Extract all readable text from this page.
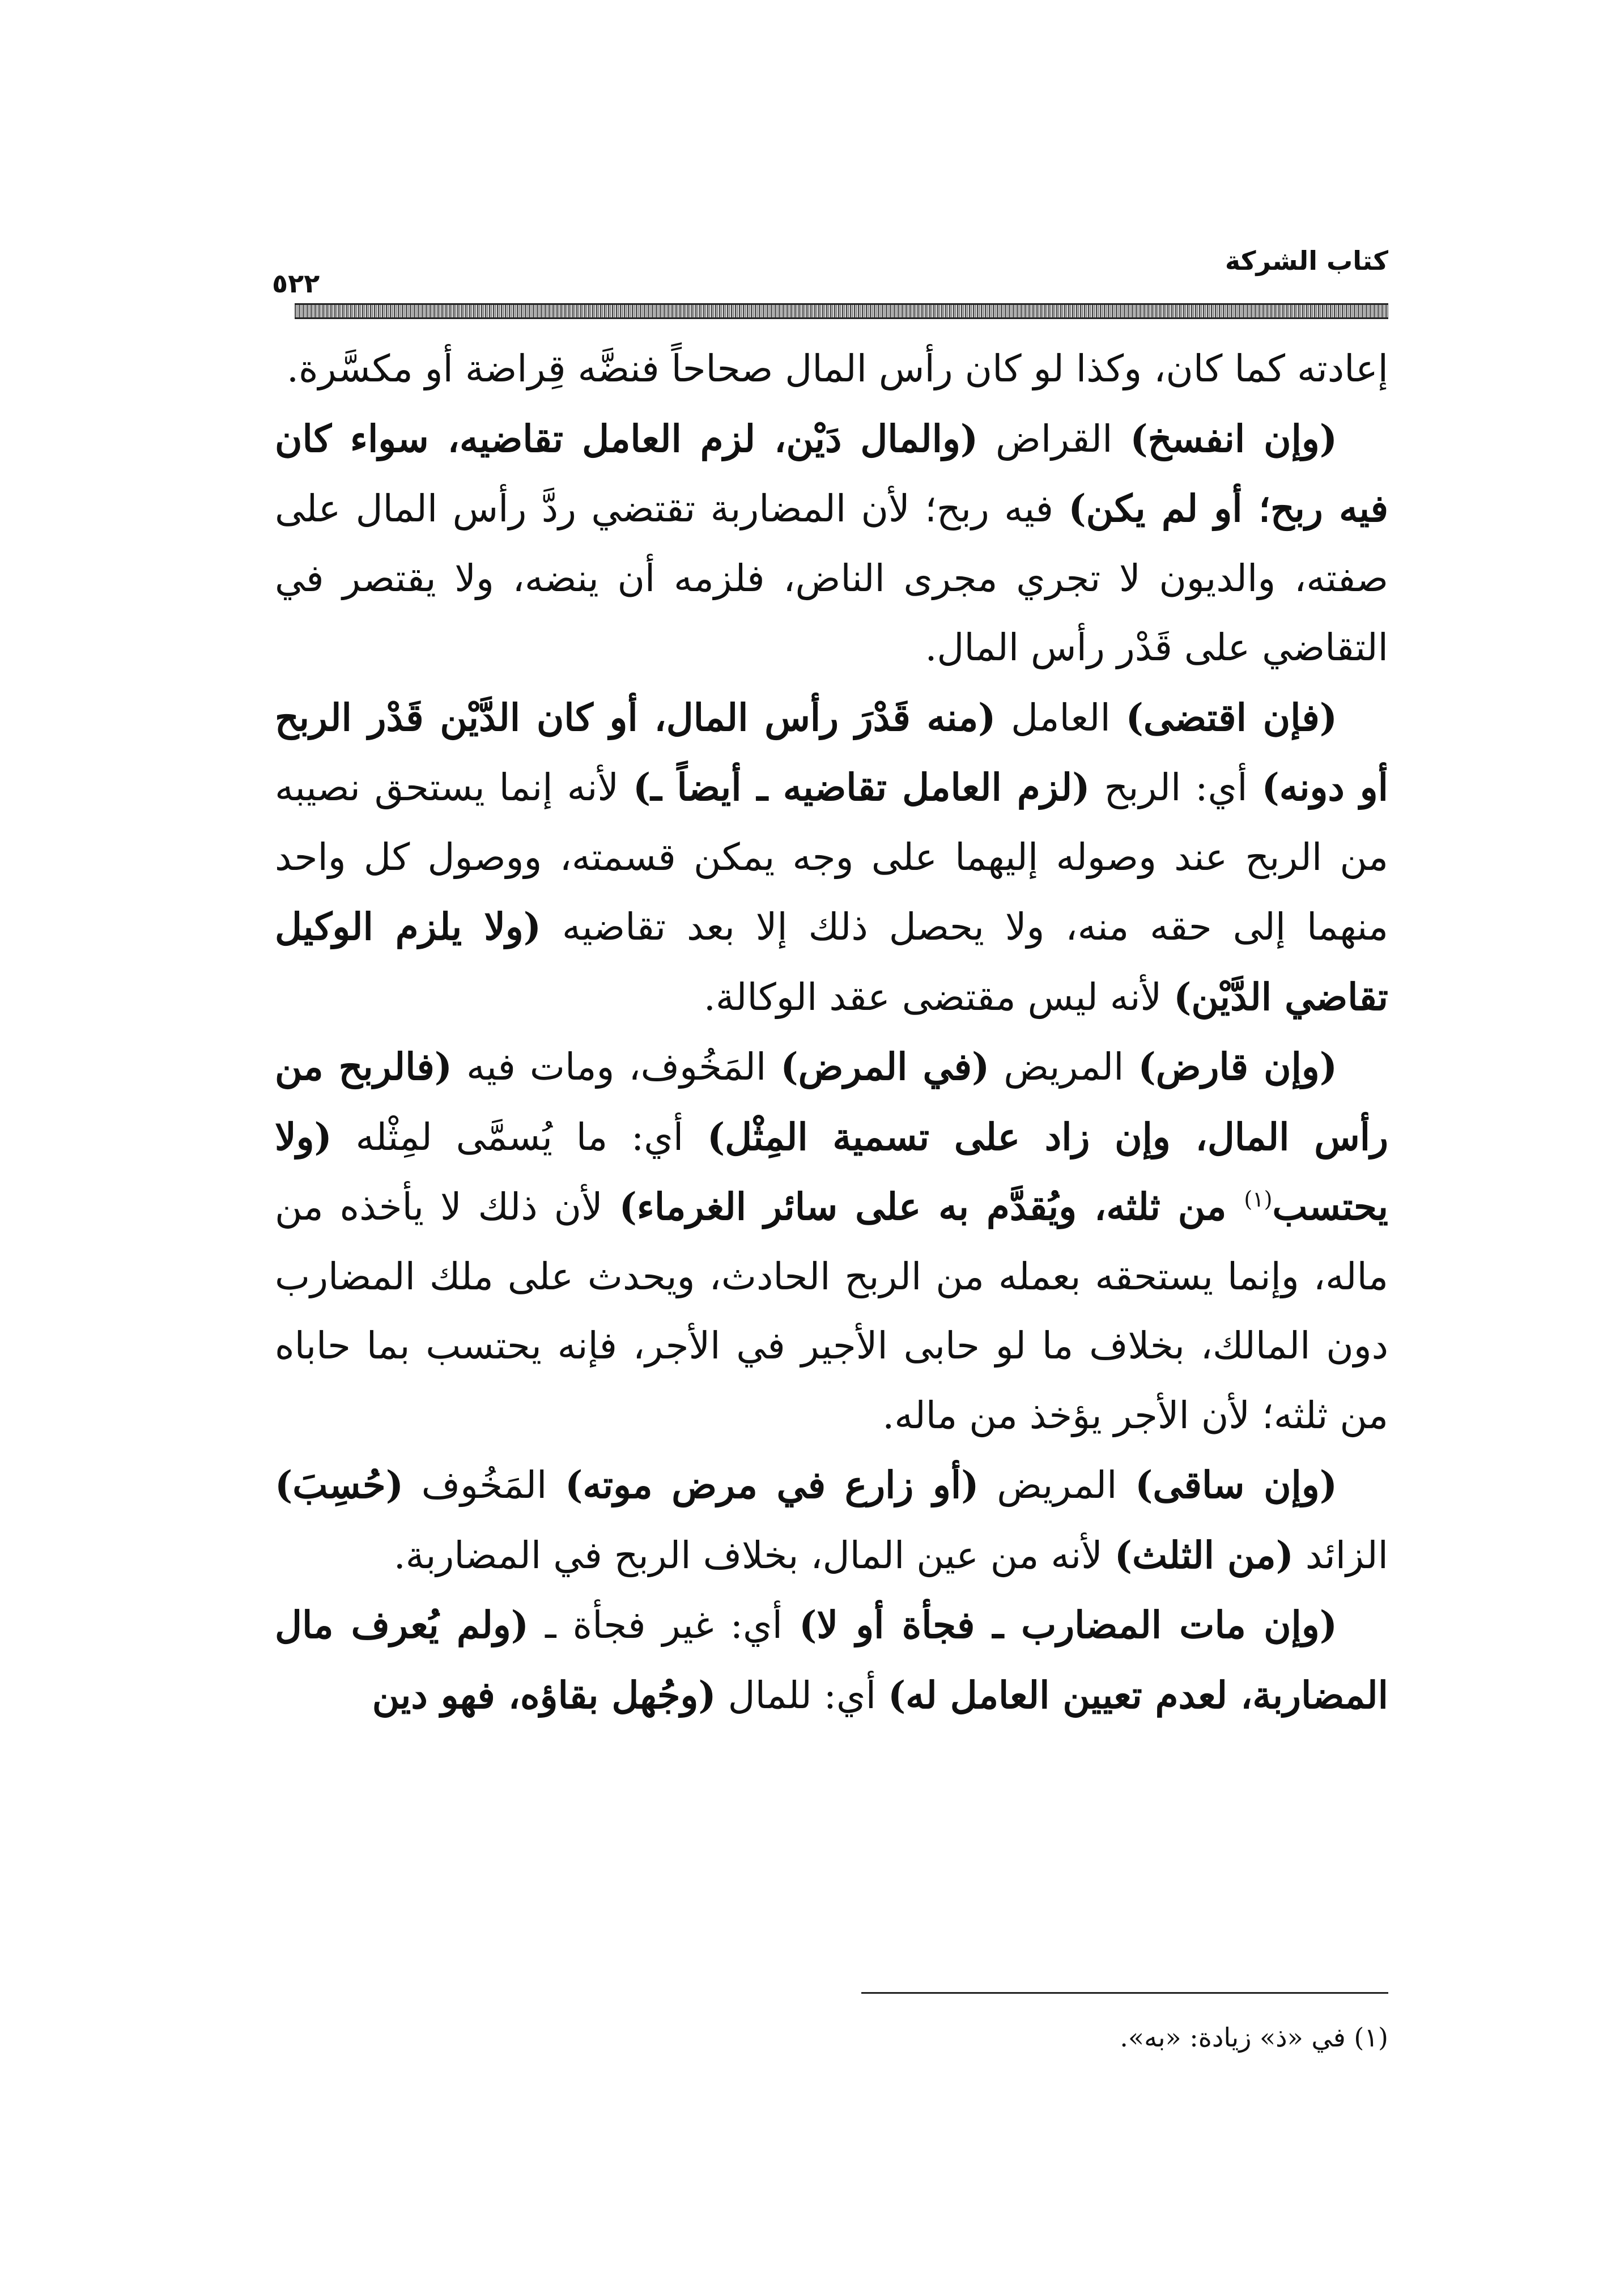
كتاب الشركة
٥٢٢

إعادته كما كان، وكذا لو كان رأس المال صحاحاً فنضَّه قِراضة أو مكسَّرة.

(وإن انفسخ) القراض (والمال دَيْن، لزم العامل تقاضيه، سواء كان فيه ربح؛ أو لم يكن) فيه ربح؛ لأن المضاربة تقتضي ردَّ رأس المال على صفته، والديون لا تجري مجرى الناض، فلزمه أن ينضه، ولا يقتصر في التقاضي على قَدْر رأس المال.

(فإن اقتضى) العامل (منه قَدْرَ رأس المال، أو كان الدَّيْن قَدْر الربح أو دونه) أي: الربح (لزم العامل تقاضيه ـ أيضاً ـ) لأنه إنما يستحق نصيبه من الربح عند وصوله إليهما على وجه يمكن قسمته، ووصول كل واحد منهما إلى حقه منه، ولا يحصل ذلك إلا بعد تقاضيه (ولا يلزم الوكيل تقاضي الدَّيْن) لأنه ليس مقتضى عقد الوكالة.

(وإن قارض) المريض (في المرض) المَخُوف، ومات فيه (فالربح من رأس المال، وإن زاد على تسمية المِثْل) أي: ما يُسمَّى لمِثْله (ولا يحتسب$^{(١)}$ من ثلثه، ويُقدَّم به على سائر الغرماء) لأن ذلك لا يأخذه من ماله، وإنما يستحقه بعمله من الربح الحادث، ويحدث على ملك المضارب دون المالك، بخلاف ما لو حابى الأجير في الأجر، فإنه يحتسب بما حاباه من ثلثه؛ لأن الأجر يؤخذ من ماله.

(وإن ساقى) المريض (أو زارع في مرض موته) المَخُوف (حُسِبَ) الزائد (من الثلث) لأنه من عين المال، بخلاف الربح في المضاربة.

(وإن مات المضارب ـ فجأة أو لا) أي: غير فجأة ـ (ولم يُعرف مال المضاربة، لعدم تعيين العامل له) أي: للمال (وجُهل بقاؤه، فهو دين

(١) في «ذ» زيادة: «به».
